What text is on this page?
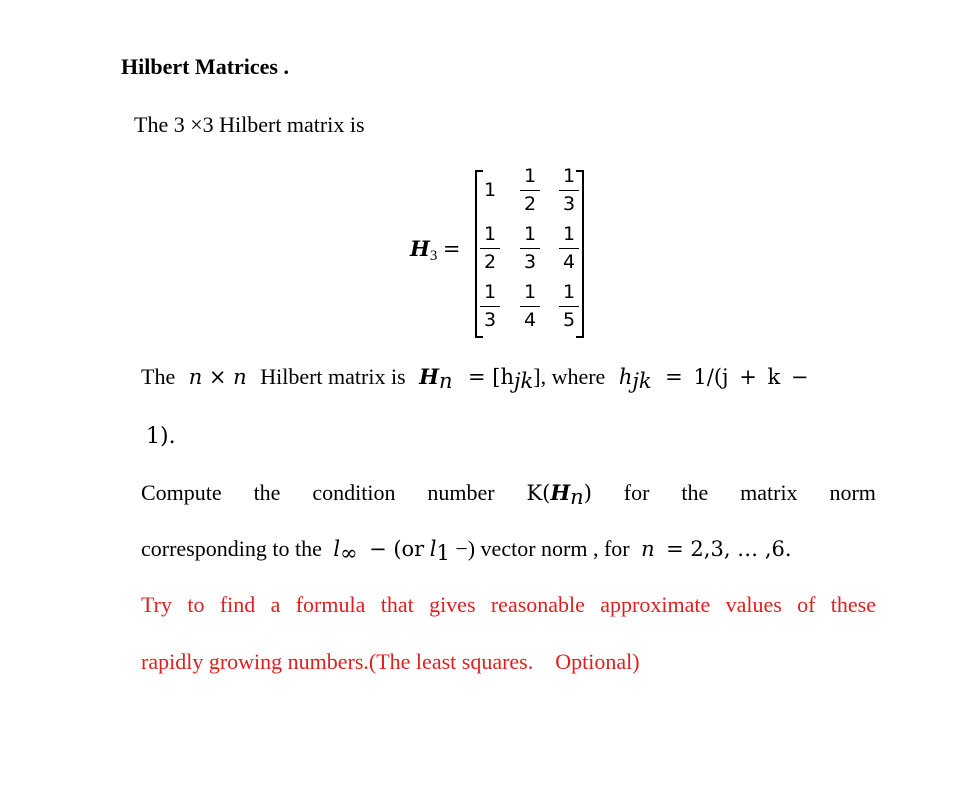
Hilbert Matrices .
The 3 ×3 Hilbert matrix is
$H_3$ =
1
1
2
1
3
1
2
1
3
1
4
1
3
1
4
1
5
The n × n Hilbert matrix is $H_n = [h_{jk}]$, where $h_{jk} = 1/(j + k$ −
1).
Compute the condition number $K(H_n)$ for the matrix norm
corresponding to the $l_\infty - (or$ $l_1$ −) vector norm , for n = 2,3, … ,6.
Try to find a formula that gives reasonable approximate values of these
rapidly growing numbers.(The least squares.    Optional)
